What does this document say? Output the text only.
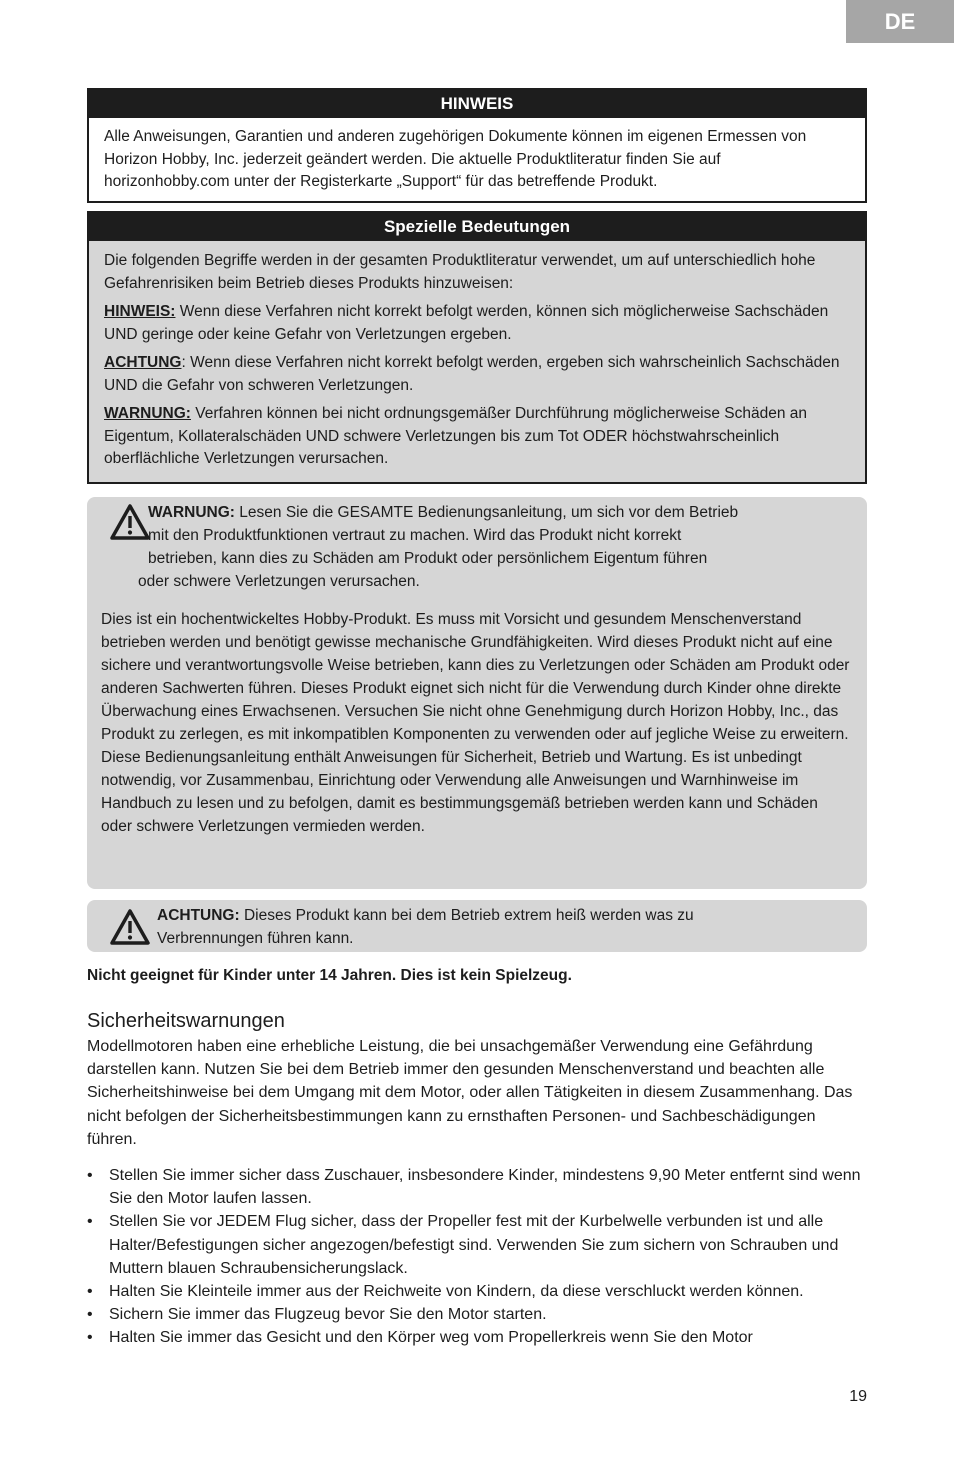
DE
HINWEIS

Alle Anweisungen, Garantien und anderen zugehörigen Dokumente können im eigenen Ermessen von Horizon Hobby, Inc. jederzeit geändert werden. Die aktuelle Produktliteratur finden Sie auf horizonhobby.com unter der Registerkarte „Support“ für das betreffende Produkt.

Spezielle Bedeutungen

Die folgenden Begriffe werden in der gesamten Produktliteratur verwendet, um auf unterschiedlich hohe Gefahrenrisiken beim Betrieb dieses Produkts hinzuweisen:

HINWEIS: Wenn diese Verfahren nicht korrekt befolgt werden, können sich möglicherweise Sachschäden UND geringe oder keine Gefahr von Verletzungen ergeben.

ACHTUNG: Wenn diese Verfahren nicht korrekt befolgt werden, ergeben sich wahrscheinlich Sachschäden UND die Gefahr von schweren Verletzungen.

WARNUNG: Verfahren können bei nicht ordnungsgemäßer Durchführung möglicherweise Schäden an Eigentum, Kollateralschäden UND schwere Verletzungen bis zum Tot ODER höchstwahrscheinlich oberflächliche Verletzungen verursachen.

WARNUNG: Lesen Sie die GESAMTE Bedienungsanleitung, um sich vor dem Betrieb
mit den Produktfunktionen vertraut zu machen. Wird das Produkt nicht korrekt
betrieben, kann dies zu Schäden am Produkt oder persönlichem Eigentum führen
oder schwere Verletzungen verursachen.

Dies ist ein hochentwickeltes Hobby-Produkt. Es muss mit Vorsicht und gesundem Menschenverstand betrieben werden und benötigt gewisse mechanische Grundfähigkeiten. Wird dieses Produkt nicht auf eine sichere und verantwortungsvolle Weise betrieben, kann dies zu Verletzungen oder Schäden am Produkt oder anderen Sachwerten führen. Dieses Produkt eignet sich nicht für die Verwendung durch Kinder ohne direkte Überwachung eines Erwachsenen. Versuchen Sie nicht ohne Genehmigung durch Horizon Hobby, Inc., das Produkt zu zerlegen, es mit inkompatiblen Komponenten zu verwenden oder auf jegliche Weise zu erweitern. Diese Bedienungsanleitung enthält Anweisungen für Sicherheit, Betrieb und Wartung. Es ist unbedingt notwendig, vor Zusammenbau, Einrichtung oder Verwendung alle Anweisungen und Warnhinweise im Handbuch zu lesen und zu befolgen, damit es bestimmungsgemäß betrieben werden kann und Schäden oder schwere Verletzungen vermieden werden.

ACHTUNG: Dieses Produkt kann bei dem Betrieb extrem heiß werden was zu Verbrennungen führen kann.
Nicht geeignet für Kinder unter 14 Jahren. Dies ist kein Spielzeug.
Sicherheitswarnungen

Modellmotoren haben eine erhebliche Leistung, die bei unsachgemäßer Verwendung eine Gefährdung darstellen kann. Nutzen Sie bei dem Betrieb immer den gesunden Menschenverstand und beachten alle Sicherheitshinweise bei dem Umgang mit dem Motor, oder allen Tätigkeiten in diesem Zusammenhang. Das nicht befolgen der Sicherheitsbestimmungen kann zu ernsthaften Personen- und Sachbeschädigungen führen.

• Stellen Sie immer sicher dass Zuschauer, insbesondere Kinder, mindestens 9,90 Meter entfernt sind wenn Sie den Motor laufen lassen.
• Stellen Sie vor JEDEM Flug sicher, dass der Propeller fest mit der Kurbelwelle verbunden ist und alle Halter/Befestigungen sicher angezogen/befestigt sind. Verwenden Sie zum sichern von Schrauben und Muttern blauen Schraubensicherungslack.
• Halten Sie Kleinteile immer aus der Reichweite von Kindern, da diese verschluckt werden können.
• Sichern Sie immer das Flugzeug bevor Sie den Motor starten.
• Halten Sie immer das Gesicht und den Körper weg vom Propellerkreis wenn Sie den Motor
19
